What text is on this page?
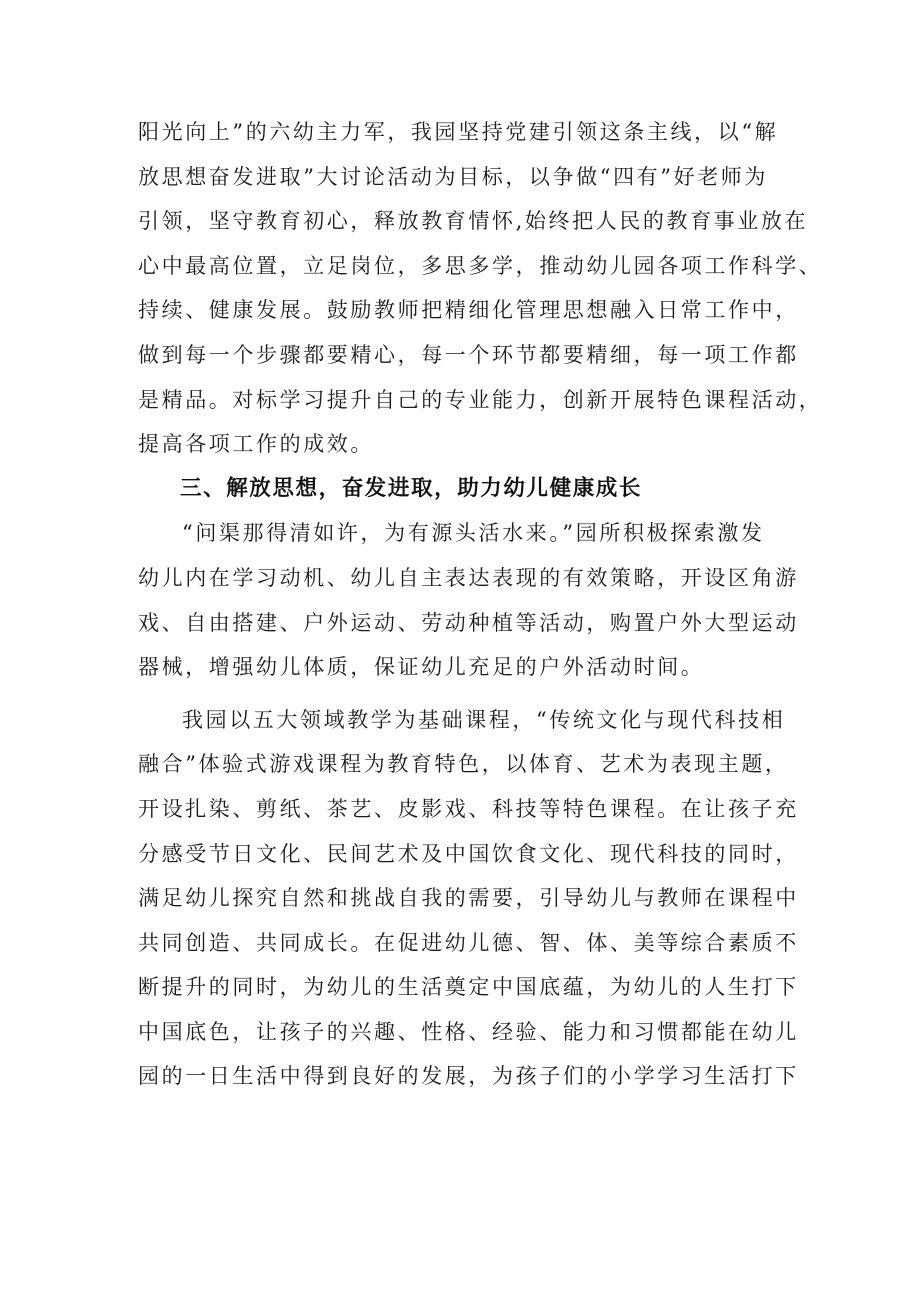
阳光向上”的六幼主力军，我园坚持党建引领这条主线，以“解
放思想奋发进取”大讨论活动为目标，以争做“四有”好老师为
引领，坚守教育初心，释放教育情怀,始终把人民的教育事业放在
心中最高位置，立足岗位，多思多学，推动幼儿园各项工作科学、
持续、健康发展。鼓励教师把精细化管理思想融入日常工作中，
做到每一个步骤都要精心，每一个环节都要精细，每一项工作都
是精品。对标学习提升自己的专业能力，创新开展特色课程活动，
提高各项工作的成效。
三、解放思想，奋发进取，助力幼儿健康成长
“问渠那得清如许，为有源头活水来。”园所积极探索激发
幼儿内在学习动机、幼儿自主表达表现的有效策略，开设区角游
戏、自由搭建、户外运动、劳动种植等活动，购置户外大型运动
器械，增强幼儿体质，保证幼儿充足的户外活动时间。
我园以五大领域教学为基础课程，“传统文化与现代科技相
融合”体验式游戏课程为教育特色，以体育、艺术为表现主题，
开设扎染、剪纸、茶艺、皮影戏、科技等特色课程。在让孩子充
分感受节日文化、民间艺术及中国饮食文化、现代科技的同时，
满足幼儿探究自然和挑战自我的需要，引导幼儿与教师在课程中
共同创造、共同成长。在促进幼儿德、智、体、美等综合素质不
断提升的同时，为幼儿的生活奠定中国底蕴，为幼儿的人生打下
中国底色，让孩子的兴趣、性格、经验、能力和习惯都能在幼儿
园的一日生活中得到良好的发展，为孩子们的小学学习生活打下
